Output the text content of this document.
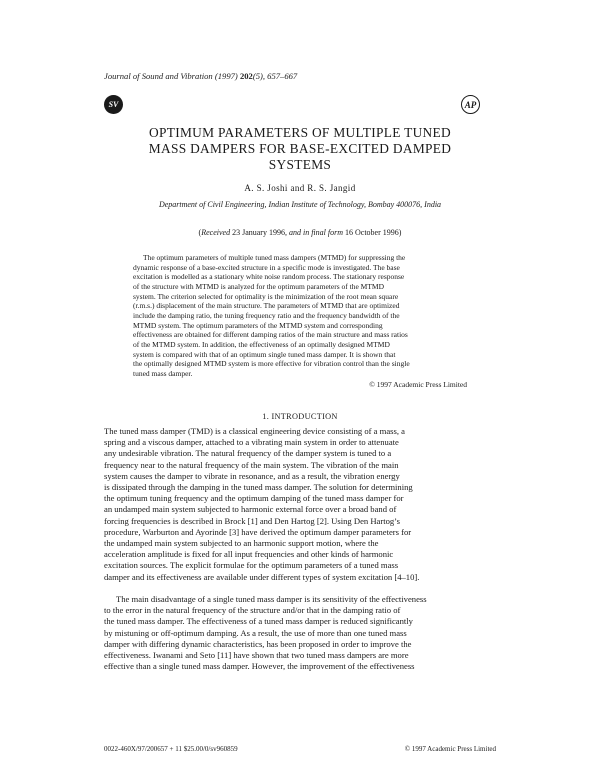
Journal of Sound and Vibration (1997) 202(5), 657–667
SV	AP
OPTIMUM PARAMETERS OF MULTIPLE TUNED
MASS DAMPERS FOR BASE-EXCITED DAMPED
SYSTEMS
A. S. Joshi and R. S. Jangid
Department of Civil Engineering, Indian Institute of Technology, Bombay 400076, India
(Received 23 January 1996, and in final form 16 October 1996)
The optimum parameters of multiple tuned mass dampers (MTMD) for suppressing the
dynamic response of a base-excited structure in a specific mode is investigated. The base
excitation is modelled as a stationary white noise random process. The stationary response
of the structure with MTMD is analyzed for the optimum parameters of the MTMD
system. The criterion selected for optimality is the minimization of the root mean square
(r.m.s.) displacement of the main structure. The parameters of MTMD that are optimized
include the damping ratio, the tuning frequency ratio and the frequency bandwidth of the
MTMD system. The optimum parameters of the MTMD system and corresponding
effectiveness are obtained for different damping ratios of the main structure and mass ratios
of the MTMD system. In addition, the effectiveness of an optimally designed MTMD
system is compared with that of an optimum single tuned mass damper. It is shown that
the optimally designed MTMD system is more effective for vibration control than the single
tuned mass damper.
© 1997 Academic Press Limited
1. INTRODUCTION
The tuned mass damper (TMD) is a classical engineering device consisting of a mass, a
spring and a viscous damper, attached to a vibrating main system in order to attenuate
any undesirable vibration. The natural frequency of the damper system is tuned to a
frequency near to the natural frequency of the main system. The vibration of the main
system causes the damper to vibrate in resonance, and as a result, the vibration energy
is dissipated through the damping in the tuned mass damper. The solution for determining
the optimum tuning frequency and the optimum damping of the tuned mass damper for
an undamped main system subjected to harmonic external force over a broad band of
forcing frequencies is described in Brock [1] and Den Hartog [2]. Using Den Hartog’s
procedure, Warburton and Ayorinde [3] have derived the optimum damper parameters for
the undamped main system subjected to an harmonic support motion, where the
acceleration amplitude is fixed for all input frequencies and other kinds of harmonic
excitation sources. The explicit formulae for the optimum parameters of a tuned mass
damper and its effectiveness are available under different types of system excitation [4–10].
The main disadvantage of a single tuned mass damper is its sensitivity of the effectiveness
to the error in the natural frequency of the structure and/or that in the damping ratio of
the tuned mass damper. The effectiveness of a tuned mass damper is reduced significantly
by mistuning or off-optimum damping. As a result, the use of more than one tuned mass
damper with differing dynamic characteristics, has been proposed in order to improve the
effectiveness. Iwanami and Seto [11] have shown that two tuned mass dampers are more
effective than a single tuned mass damper. However, the improvement of the effectiveness
0022-460X/97/200657 + 11 $25.00/0/sv960859	© 1997 Academic Press Limited
